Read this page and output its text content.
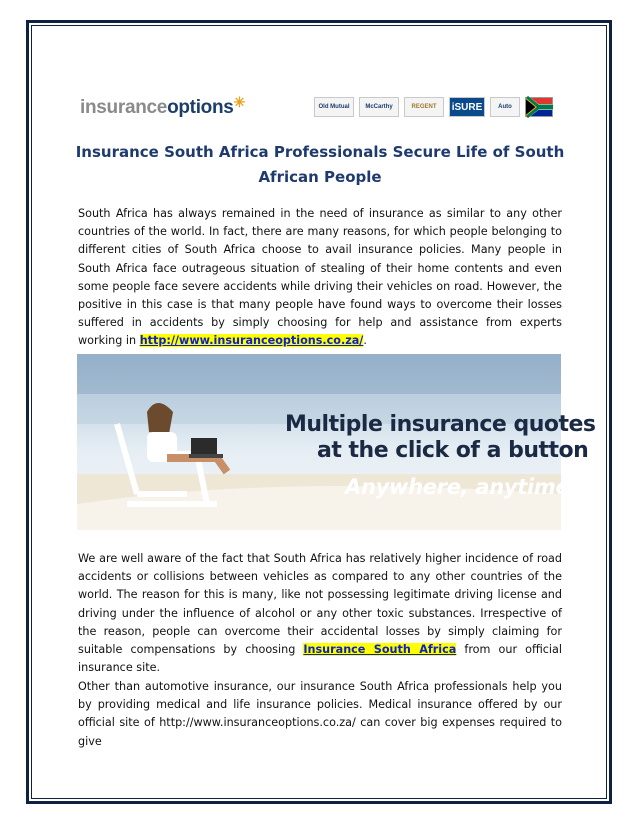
insuranceoptions✳	Old Mutual	McCarthy	REGENT	iSURE	Auto
Insurance South Africa Professionals Secure Life of South African People

South Africa has always remained in the need of insurance as similar to any other countries of the world. In fact, there are many reasons, for which people belonging to different cities of South Africa choose to avail insurance policies. Many people in South Africa face outrageous situation of stealing of their home contents and even some people face severe accidents while driving their vehicles on road. However, the positive in this case is that many people have found ways to overcome their losses suffered in accidents by simply choosing for help and assistance from experts working in http://www.insuranceoptions.co.za/.

Multiple insurance quotes
at the click of a button
Anywhere, anytime!

We are well aware of the fact that South Africa has relatively higher incidence of road accidents or collisions between vehicles as compared to any other countries of the world. The reason for this is many, like not possessing legitimate driving license and driving under the influence of alcohol or any other toxic substances. Irrespective of the reason, people can overcome their accidental losses by simply claiming for suitable compensations by choosing Insurance South Africa from our official insurance site.

Other than automotive insurance, our insurance South Africa professionals help you by providing medical and life insurance policies. Medical insurance offered by our official site of http://www.insuranceoptions.co.za/ can cover big expenses required to give
